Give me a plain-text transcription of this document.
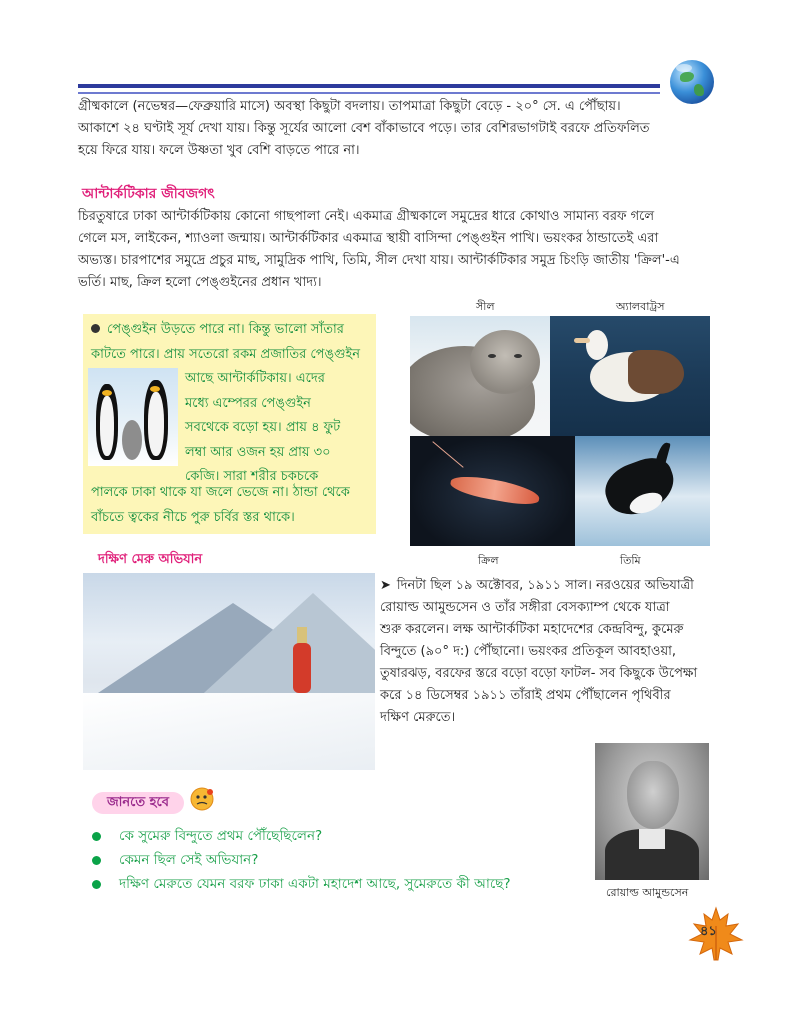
গ্রীষ্মকালে (নভেম্বর—ফেব্রুয়ারি মাসে) অবস্থা কিছুটা বদলায়। তাপমাত্রা কিছুটা বেড়ে - ২০° সে. এ পৌঁছায়।
আকাশে ২৪ ঘণ্টাই সূর্য দেখা যায়। কিন্তু সূর্যের আলো বেশ বাঁকাভাবে পড়ে। তার বেশিরভাগটাই বরফে প্রতিফলিত
হয়ে ফিরে যায়। ফলে উষ্ণতা খুব বেশি বাড়তে পারে না।
আন্টার্কটিকার জীবজগৎ
চিরতুষারে ঢাকা আন্টার্কটিকায় কোনো গাছপালা নেই। একমাত্র গ্রীষ্মকালে সমুদ্রের ধারে কোথাও সামান্য বরফ গলে
গেলে মস, লাইকেন, শ্যাওলা জন্মায়। আন্টার্কটিকার একমাত্র স্থায়ী বাসিন্দা পেঙ্গুইন পাখি। ভয়ংকর ঠান্ডাতেই এরা
অভ্যস্ত। চারপাশের সমুদ্রে প্রচুর মাছ, সামুদ্রিক পাখি, তিমি, সীল দেখা যায়। আন্টার্কটিকার সমুদ্র চিংড়ি জাতীয় 'ক্রিল'-এ
ভর্তি। মাছ, ক্রিল হলো পেঙ্গুইনের প্রধান খাদ্য।
পেঙ্গুইন উড়তে পারে না। কিন্তু ভালো সাঁতার
কাটতে পারে। প্রায় সতেরো রকম প্রজাতির পেঙ্গুইন
আছে আন্টার্কটিকায়। এদের
মধ্যে এম্পেরর পেঙ্গুইন
সবথেকে বড়ো হয়। প্রায় ৪ ফুট
লম্বা আর ওজন হয় প্রায় ৩০
কেজি। সারা শরীর চকচকে
পালকে ঢাকা থাকে যা জলে ভেজে না। ঠান্ডা থেকে
বাঁচতে ত্বকের নীচে পুরু চর্বির স্তর থাকে।
সীল	অ্যালবাট্রস
ক্রিল	তিমি
দক্ষিণ মেরু অভিযান
➤ দিনটা ছিল ১৯ অক্টোবর, ১৯১১ সাল। নরওয়ের অভিযাত্রী
রোয়াল্ড আমুন্ডসেন ও তাঁর সঙ্গীরা বেসক্যাম্প থেকে যাত্রা
শুরু করলেন। লক্ষ আন্টার্কটিকা মহাদেশের কেন্দ্রবিন্দু, কুমেরু
বিন্দুতে (৯০° দ:) পৌঁছানো। ভয়ংকর প্রতিকূল আবহাওয়া,
তুষারঝড়, বরফের স্তরে বড়ো বড়ো ফাটল- সব কিছুকে উপেক্ষা
করে ১৪ ডিসেম্বর ১৯১১ তাঁরাই প্রথম পৌঁছালেন পৃথিবীর
দক্ষিণ মেরুতে।
রোয়াল্ড আমুন্ডসেন
জানতে হবে
কে সুমেরু বিন্দুতে প্রথম পৌঁছেছিলেন?
কেমন ছিল সেই অভিযান?
দক্ষিণ মেরুতে যেমন বরফ ঢাকা একটা মহাদেশ আছে, সুমেরুতে কী আছে?
৪১
